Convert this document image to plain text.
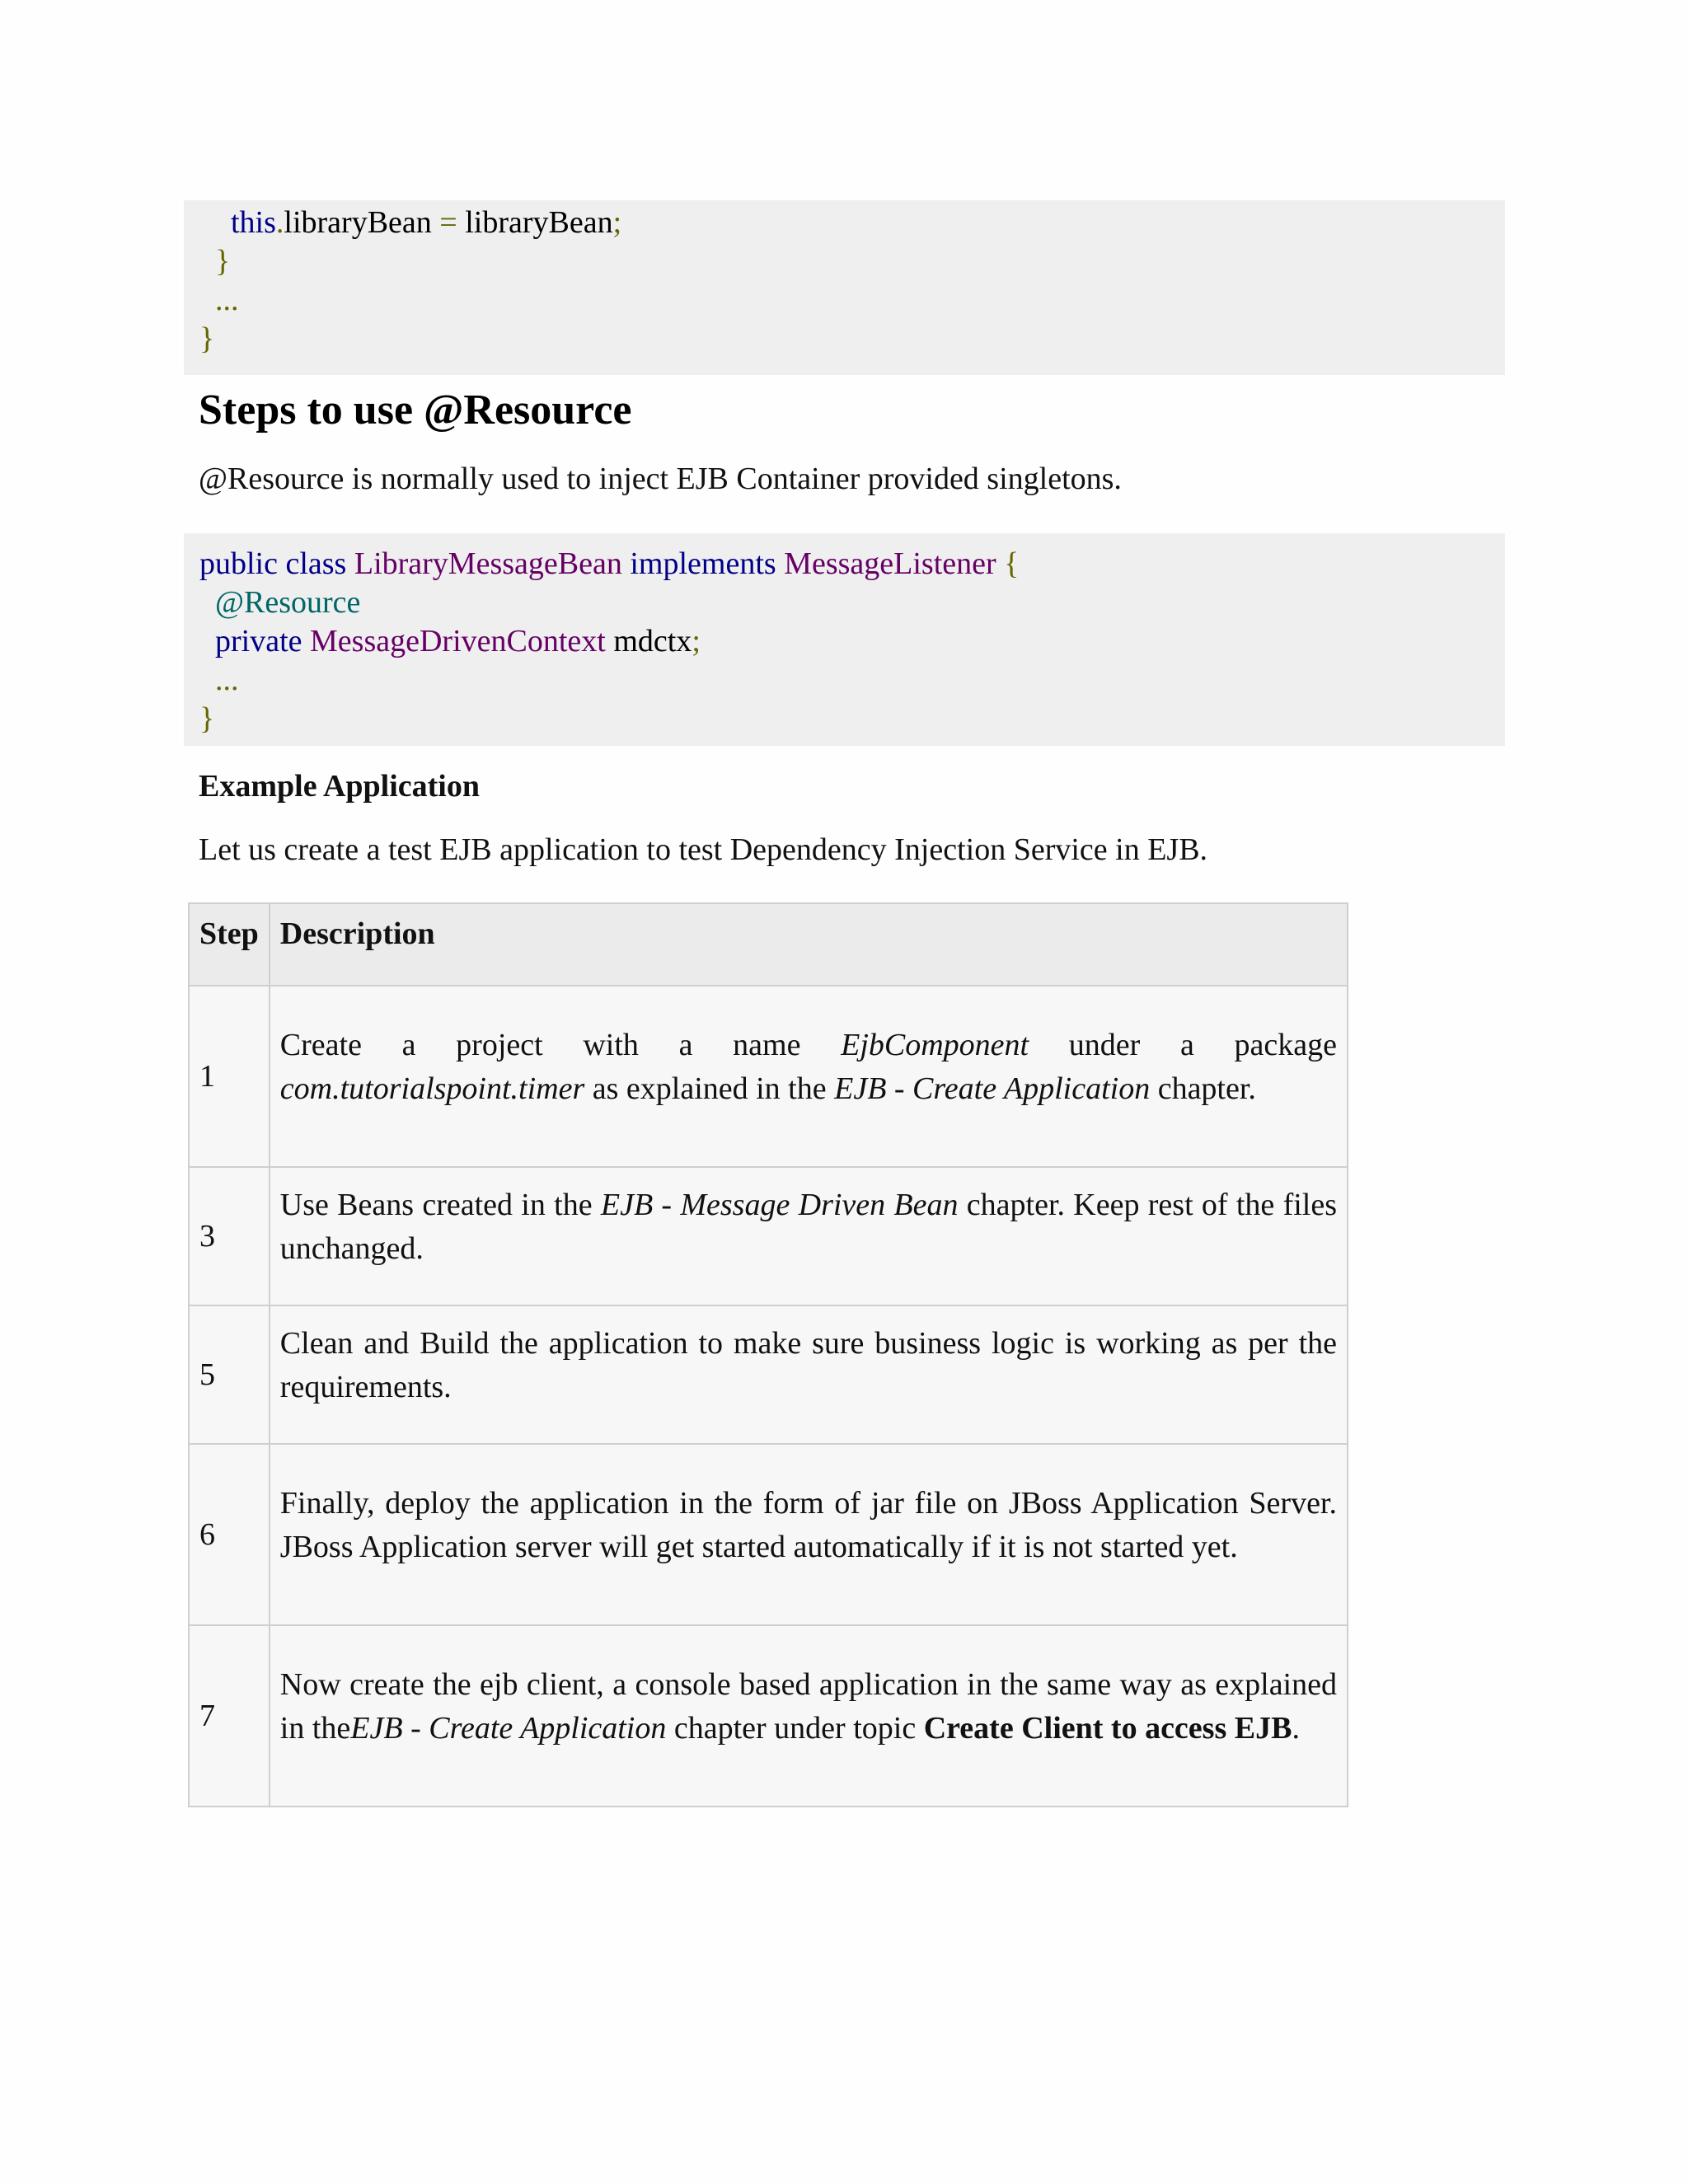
this.libraryBean = libraryBean;
}
...
}
Steps to use @Resource

@Resource is normally used to inject EJB Container provided singletons.

public class LibraryMessageBean implements MessageListener {
@Resource
private MessageDrivenContext mdctx;
...
}

Example Application

Let us create a test EJB application to test Dependency Injection Service in EJB.

Step	Description
1	Create a project with a name EjbComponent under a package com.tutorialspoint.timer as explained in the EJB - Create Application chapter.

3	Use Beans created in the EJB - Message Driven Bean chapter. Keep rest of the files unchanged.

5	Clean and Build the application to make sure business logic is working as per the requirements.

6	Finally, deploy the application in the form of jar file on JBoss Application Server. JBoss Application server will get started automatically if it is not started yet.

7	Now create the ejb client, a console based application in the same way as explained in theEJB - Create Application chapter under topic Create Client to access EJB.
